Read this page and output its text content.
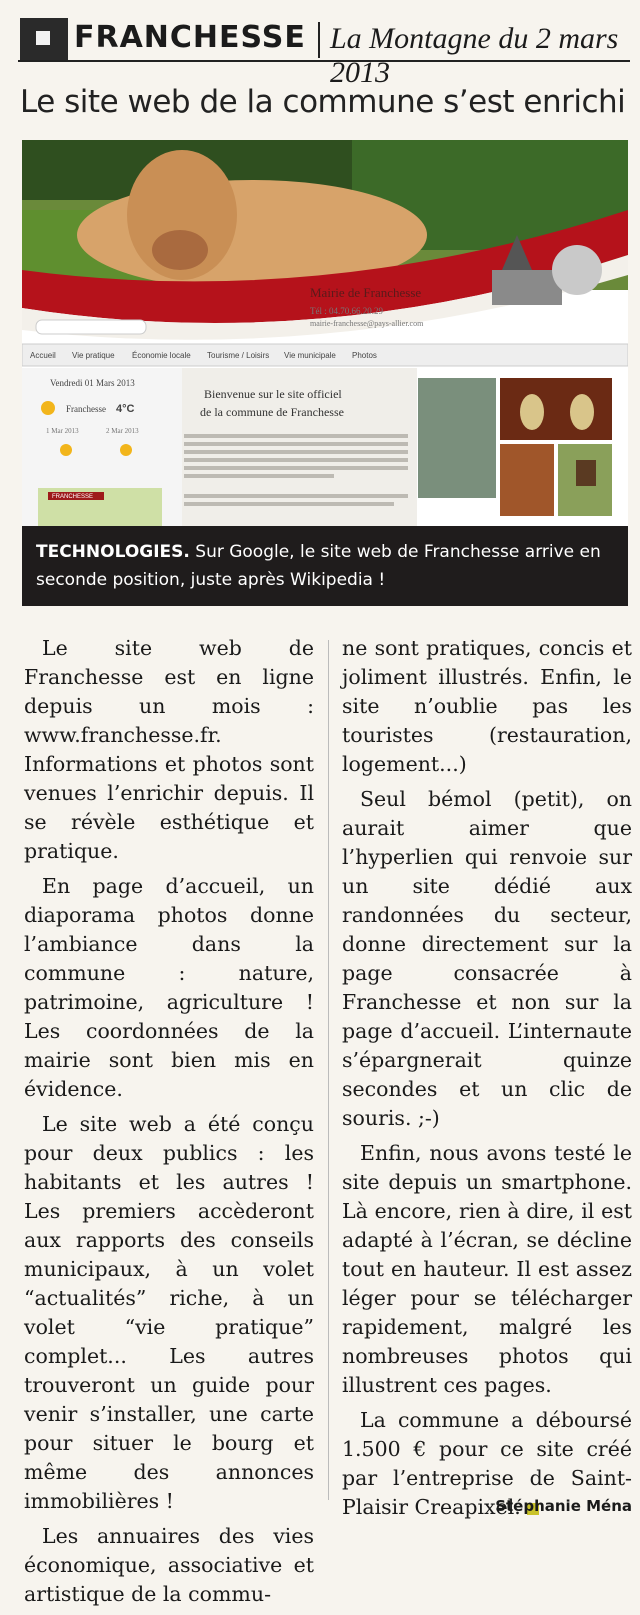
FRANCHESSE La Montagne du 2 mars 2013
Le site web de la commune s’est enrichi
Mairie de Franchesse
Tél : 04.70.66.20.29
mairie-franchesse@pays-allier.com
Accueil Vie pratique Économie locale Tourisme / Loisirs Vie municipale Photos
Vendredi 01 Mars 2013
Franchesse 4°C
1 Mar 2013	2 Mar 2013
FRANCHESSE
Bienvenue sur le site officiel
de la commune de Franchesse
TECHNOLOGIES. Sur Google, le site web de Franchesse arrive en seconde position, juste après Wikipedia !

Le site web de Franchesse est en ligne depuis un mois : www.franchesse.fr. Informations et photos sont venues l’enrichir depuis. Il se révèle esthétique et pratique.

En page d’accueil, un diaporama photos donne l’ambiance dans la commune : nature, patrimoine, agriculture ! Les coordonnées de la mairie sont bien mis en évidence.

Le site web a été conçu pour deux publics : les habitants et les autres ! Les premiers accèderont aux rapports des conseils municipaux, à un volet “actualités” riche, à un volet “vie pratique” complet... Les autres trouveront un guide pour venir s’installer, une carte pour situer le bourg et même des annonces immobilières !

Les annuaires des vies économique, associative et artistique de la commu-

ne sont pratiques, concis et joliment illustrés. Enfin, le site n’oublie pas les touristes (restauration, logement...)

Seul bémol (petit), on aurait aimer que l’hyperlien qui renvoie sur un site dédié aux randonnées du secteur, donne directement sur la page consacrée à Franchesse et non sur la page d’accueil. L’internaute s’épargnerait quinze secondes et un clic de souris. ;-)

Enfin, nous avons testé le site depuis un smartphone. Là encore, rien à dire, il est adapté à l’écran, se décline tout en hauteur. Il est assez léger pour se télécharger rapidement, malgré les nombreuses photos qui illustrent ces pages.

La commune a déboursé 1.500 € pour ce site créé par l’entreprise de Saint-Plaisir Creapixel.

Stéphanie Ména
